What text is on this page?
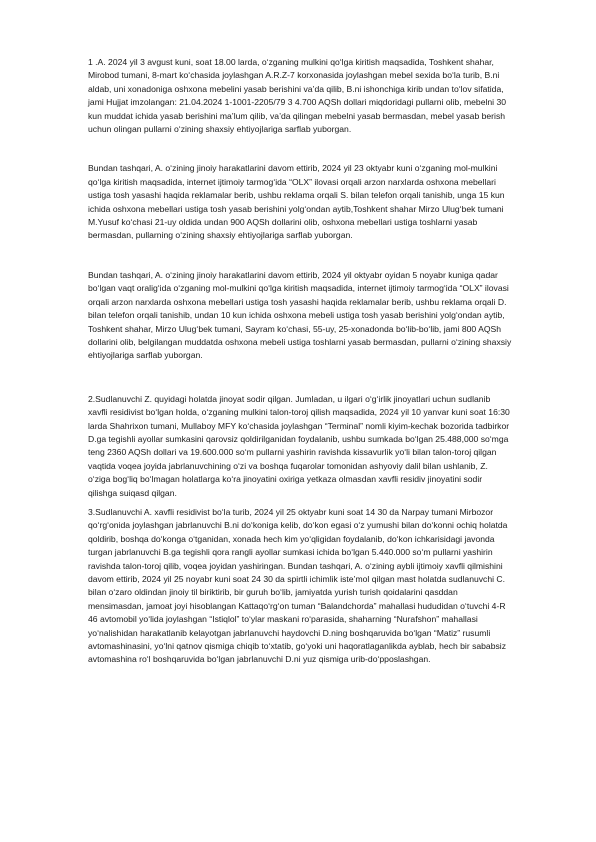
1 .A. 2024 yil 3 avgust kuni, soat 18.00 larda, o‘zganing mulkini qo‘lga kiritish maqsadida, Toshkent shahar, Mirobod tumani, 8-mart ko‘chasida joylashgan A.R.Z-7 korxonasida joylashgan mebel sexida bo‘la turib, B.ni aldab, uni xonadoniga oshxona mebelini yasab berishini va’da qilib, B.ni ishonchiga kirib undan to‘lov sifatida, jami Hujjat imzolangan: 21.04.2024 1-1001-2205/79 3 4.700 AQSh dollari miqdoridagi pullarni olib, mebelni 30 kun muddat ichida yasab berishini ma’lum qilib, va’da qilingan mebelni yasab bermasdan, mebel yasab berish uchun olingan pullarni o‘zining shaxsiy ehtiyojlariga sarflab yuborgan.

Bundan tashqari, A. o‘zining jinoiy harakatlarini davom ettirib, 2024 yil 23 oktyabr kuni o‘zganing mol-mulkini qo‘lga kiritish maqsadida, internet ijtimoiy tarmog‘ida “OLX” ilovasi orqali arzon narxlarda oshxona mebellari ustiga tosh yasashi haqida reklamalar berib, ushbu reklama orqali S. bilan telefon orqali tanishib, unga 15 kun ichida oshxona mebellari ustiga tosh yasab berishini yolg‘ondan aytib,Toshkent shahar Mirzo Ulug‘bek tumani M.Yusuf ko‘chasi 21-uy oldida undan 900 AQSh dollarini olib, oshxona mebellari ustiga toshlarni yasab bermasdan, pullarning o‘zining shaxsiy ehtiyojlariga sarflab yuborgan.

Bundan tashqari, A. o‘zining jinoiy harakatlarini davom ettirib, 2024 yil oktyabr oyidan 5 noyabr kuniga qadar bo‘lgan vaqt oralig‘ida o‘zganing mol-mulkini qo‘lga kiritish maqsadida, internet ijtimoiy tarmog‘ida “OLX” ilovasi orqali arzon narxlarda oshxona mebellari ustiga tosh yasashi haqida reklamalar berib, ushbu reklama orqali D. bilan telefon orqali tanishib, undan 10 kun ichida oshxona mebeli ustiga tosh yasab berishini yolg‘ondan aytib, Toshkent shahar, Mirzo Ulug‘bek tumani, Sayram ko‘chasi, 55-uy, 25-xonadonda bo‘lib-bo‘lib, jami 800 AQSh dollarini olib, belgilangan muddatda oshxona mebeli ustiga toshlarni yasab bermasdan, pullarni o‘zining shaxsiy ehtiyojlariga sarflab yuborgan.

2.Sudlanuvchi Z. quyidagi holatda jinoyat sodir qilgan. Jumladan, u ilgari o‘g‘irlik jinoyatlari uchun sudlanib xavfli residivist bo‘lgan holda, o‘zganing mulkini talon-toroj qilish maqsadida, 2024 yil 10 yanvar kuni soat 16:30 larda Shahrixon tumani, Mullaboy MFY ko‘chasida joylashgan “Terminal” nomli kiyim-kechak bozorida tadbirkor D.ga tegishli ayollar sumkasini qarovsiz qoldirilganidan foydalanib, ushbu sumkada bo‘lgan 25.488,000 so‘mga teng 2360 AQSh dollari va 19.600.000 so‘m pullarni yashirin ravishda kissavurlik yo‘li bilan talon-toroj qilgan vaqtida voqea joyida jabrlanuvchining o‘zi va boshqa fuqarolar tomonidan ashyoviy dalil bilan ushlanib, Z. o‘ziga bog‘liq bo‘lmagan holatlarga ko‘ra jinoyatini oxiriga yetkaza olmasdan xavfli residiv jinoyatini sodir qilishga suiqasd qilgan.

3.Sudlanuvchi A. xavfli residivist bo‘la turib, 2024 yil 25 oktyabr kuni soat 14 30 da Narpay tumani Mirbozor qo‘rg‘onida joylashgan jabrlanuvchi B.ni do‘koniga kelib, do‘kon egasi o‘z yumushi bilan do‘konni ochiq holatda qoldirib, boshqa do‘konga o‘tganidan, xonada hech kim yo‘qligidan foydalanib, do‘kon ichkarisidagi javonda turgan jabrlanuvchi B.ga tegishli qora rangli ayollar sumkasi ichida bo‘lgan 5.440.000 so‘m pullarni yashirin ravishda talon-toroj qilib, voqea joyidan yashiringan. Bundan tashqari, A. o‘zining aybli ijtimoiy xavfli qilmishini davom ettirib, 2024 yil 25 noyabr kuni soat 24 30 da spirtli ichimlik iste’mol qilgan mast holatda sudlanuvchi C. bilan o‘zaro oldindan jinoiy til biriktirib, bir guruh bo‘lib, jamiyatda yurish turish qoidalarini qasddan mensimasdan, jamoat joyi hisoblangan Kattaqo‘rg‘on tuman “Balandchorda” mahallasi hududidan o‘tuvchi 4-R 46 avtomobil yo‘lida joylashgan “Istiqlol” to‘ylar maskani ro‘parasida, shaharning “Nurafshon” mahallasi yo‘nalishidan harakatlanib kelayotgan jabrlanuvchi haydovchi D.ning boshqaruvida bo‘lgan “Matiz” rusumli avtomashinasini, yo‘lni qatnov qismiga chiqib to‘xtatib, go‘yoki uni haqoratlaganlikda ayblab, hech bir sababsiz avtomashina ro‘l boshqaruvida bo‘lgan jabrlanuvchi D.ni yuz qismiga urib-do‘pposlashgan.
